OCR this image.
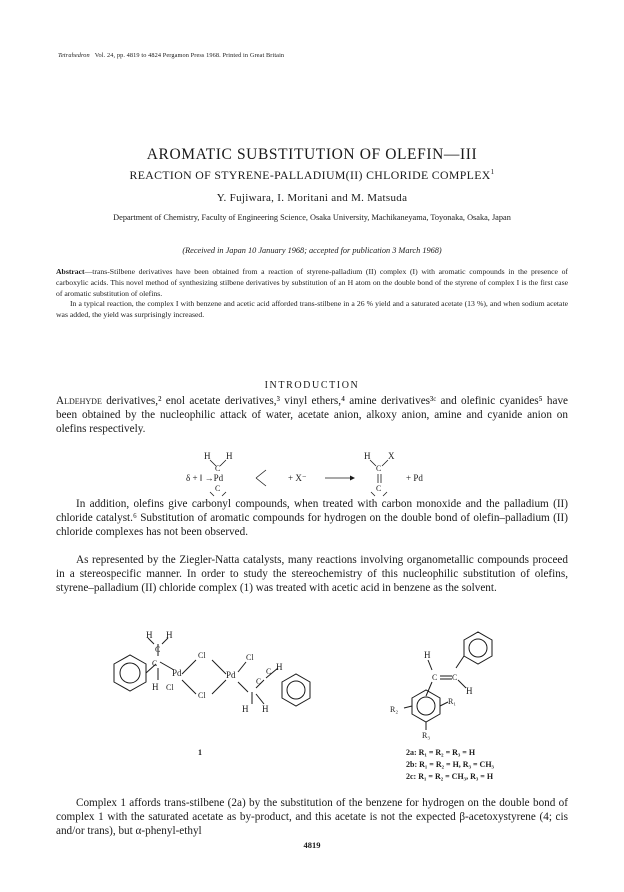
Tetrahedron Vol. 24, pp. 4819 to 4824 Pergamon Press 1968. Printed in Great Britain
AROMATIC SUBSTITUTION OF OLEFIN—III
REACTION OF STYRENE-PALLADIUM(II) CHLORIDE COMPLEX$^1$
Y. Fujiwara, I. Moritani and M. Matsuda
Department of Chemistry, Faculty of Engineering Science, Osaka University, Machikaneyama, Toyonaka, Osaka, Japan
(Received in Japan 10 January 1968; accepted for publication 3 March 1968)

Abstract—trans-Stilbene derivatives have been obtained from a reaction of styrene-palladium (II) complex (I) with aromatic compounds in the presence of carboxylic acids. This novel method of synthesizing stilbene derivatives by substitution of an H atom on the double bond of the styrene of complex I is the first case of aromatic substitution of olefins.

In a typical reaction, the complex I with benzene and acetic acid afforded trans-stilbene in a 26 % yield and a saturated acetate (13 %), and when sodium acetate was added, the yield was surprisingly increased.

INTRODUCTION

Aldehyde derivatives,² enol acetate derivatives,³ vinyl ethers,⁴ amine derivatives³ᶜ and olefinic cyanides⁵ have been obtained by the nucleophilic attack of water, acetate anion, alkoxy anion, amine and cyanide anion on olefins respectively.

H H
C
δ + ‖ →Pd
C
+ X⁻
H X
C
C
+ Pd

In addition, olefins give carbonyl compounds, when treated with carbon monoxide and the palladium (II) chloride catalyst.⁶ Substitution of aromatic compounds for hydrogen on the double bond of olefin–palladium (II) chloride complexes has not been observed.

As represented by the Ziegler-Natta catalysts, many reactions involving organometallic compounds proceed in a stereospecific manner. In order to study the stereochemistry of this nucleophilic substitution of olefins, styrene–palladium (II) chloride complex (1) was treated with acetic acid in benzene as the solvent.

H H
C
C
Pd
Cl
Cl
Pd
Cl
H Cl
C
C H
H H
1
H
C C
H
R₁
R₂
R₃
2a: R₁ = R₂ = R₃ = H
2b: R₁ = R₂ = H, R₃ = CH₃
2c: R₁ = R₂ = CH₃, R₃ = H

Complex 1 affords trans-stilbene (2a) by the substitution of the benzene for hydrogen on the double bond of complex 1 with the saturated acetate as by-product, and this acetate is not the expected β-acetoxystyrene (4; cis and/or trans), but α-phenyl-ethyl

4819
